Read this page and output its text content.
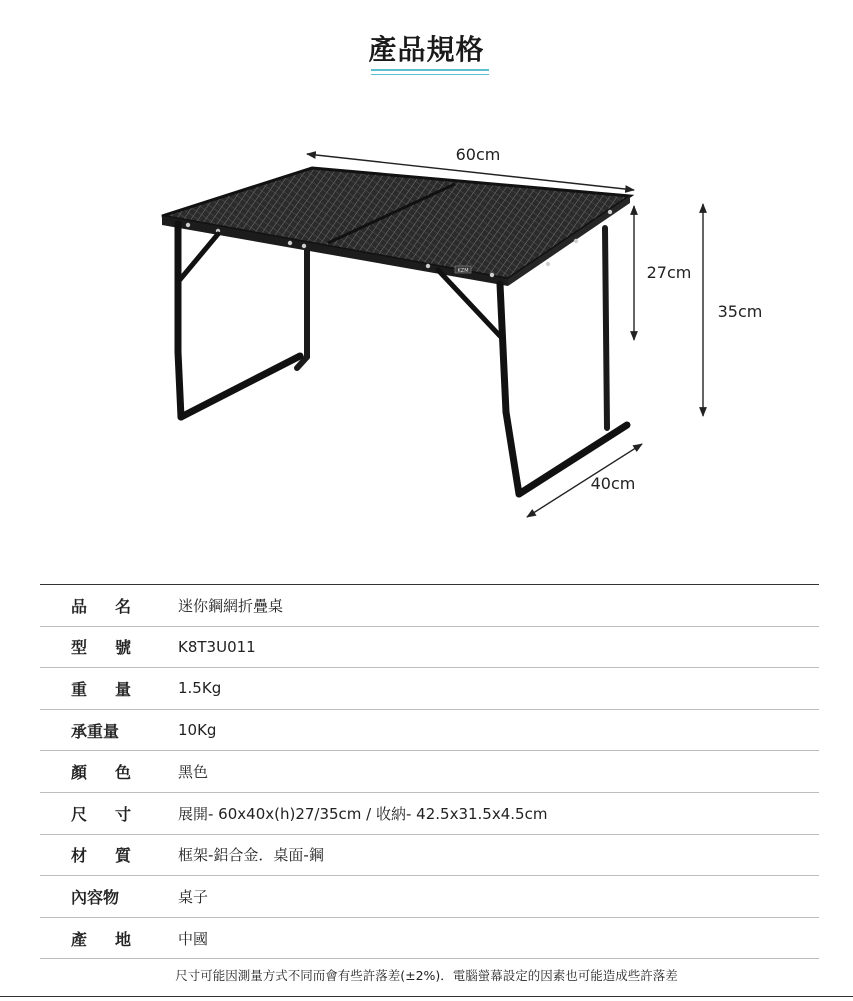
產品規格
KZM
60cm
27cm
35cm
40cm
品 名	迷你鋼網折疊桌
型 號	K8T3U011
重 量	1.5Kg
承重量	10Kg
顏 色	黑色
尺 寸	展開- 60x40x(h)27/35cm / 收納- 42.5x31.5x4.5cm
材 質	框架-鋁合金．桌面-鋼
內容物	桌子
產 地	中國
尺寸可能因測量方式不同而會有些許落差(±2%)．電腦螢幕設定的因素也可能造成些許落差
